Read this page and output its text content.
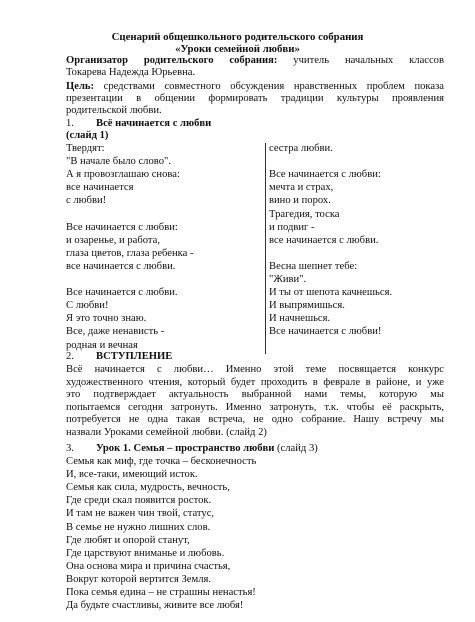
Сценарий общешкольного родительского собрания
«Уроки семейной любви»
Организатор родительского собрания: учитель начальных классов
Токарева Надежда Юрьевна.
Цель: средствами совместного обсуждения нравственных проблем показа
презентации в общении формировать традиции культуры проявления
родительской любви.
1. Всё начинается с любви
(слайд 1)
Твердят:
"В начале было слово".
А я провозглашаю снова:
все начинается
с любви!
Все начинается с любви:
и озаренье, и работа,
глаза цветов, глаза ребенка -
все начинается с любви.
Все начинается с любви.
С любви!
Я это точно знаю.
Все, даже ненависть -
родная и вечная
сестра любви.
Все начинается с любви:
мечта и страх,
вино и порох.
Трагедия, тоска
и подвиг -
все начинается с любви.
Весна шепнет тебе:
"Живи".
И ты от шепота качнешься.
И выпрямишься.
И начнешься.
Все начинается с любви!
2. ВСТУПЛЕНИЕ
Всё начинается с любви… Именно этой теме посвящается конкурс
художественного чтения, который будет проходить в феврале в районе, и уже
это подтверждает актуальность выбранной нами темы, которую мы
попытаемся сегодня затронуть. Именно затронуть, т.к. чтобы её раскрыть,
потребуется не одна такая встреча, не одно собрание. Нашу встречу мы
назвали Уроками семейной любви. (слайд 2)
3. Урок 1. Семья – пространство любви (слайд 3)
Семья как миф, где точка – бесконечность
И, все-таки, имеющий исток.
Семья как сила, мудрость, вечность,
Где среди скал появится росток.
И там не важен чин твой, статус,
В семье не нужно лишних слов.
Где любят и опорой станут,
Где царствуют вниманье и любовь.
Она основа мира и причина счастья,
Вокруг которой вертится Земля.
Пока семья едина – не страшны ненастья!
Да будьте счастливы, живите все любя!
